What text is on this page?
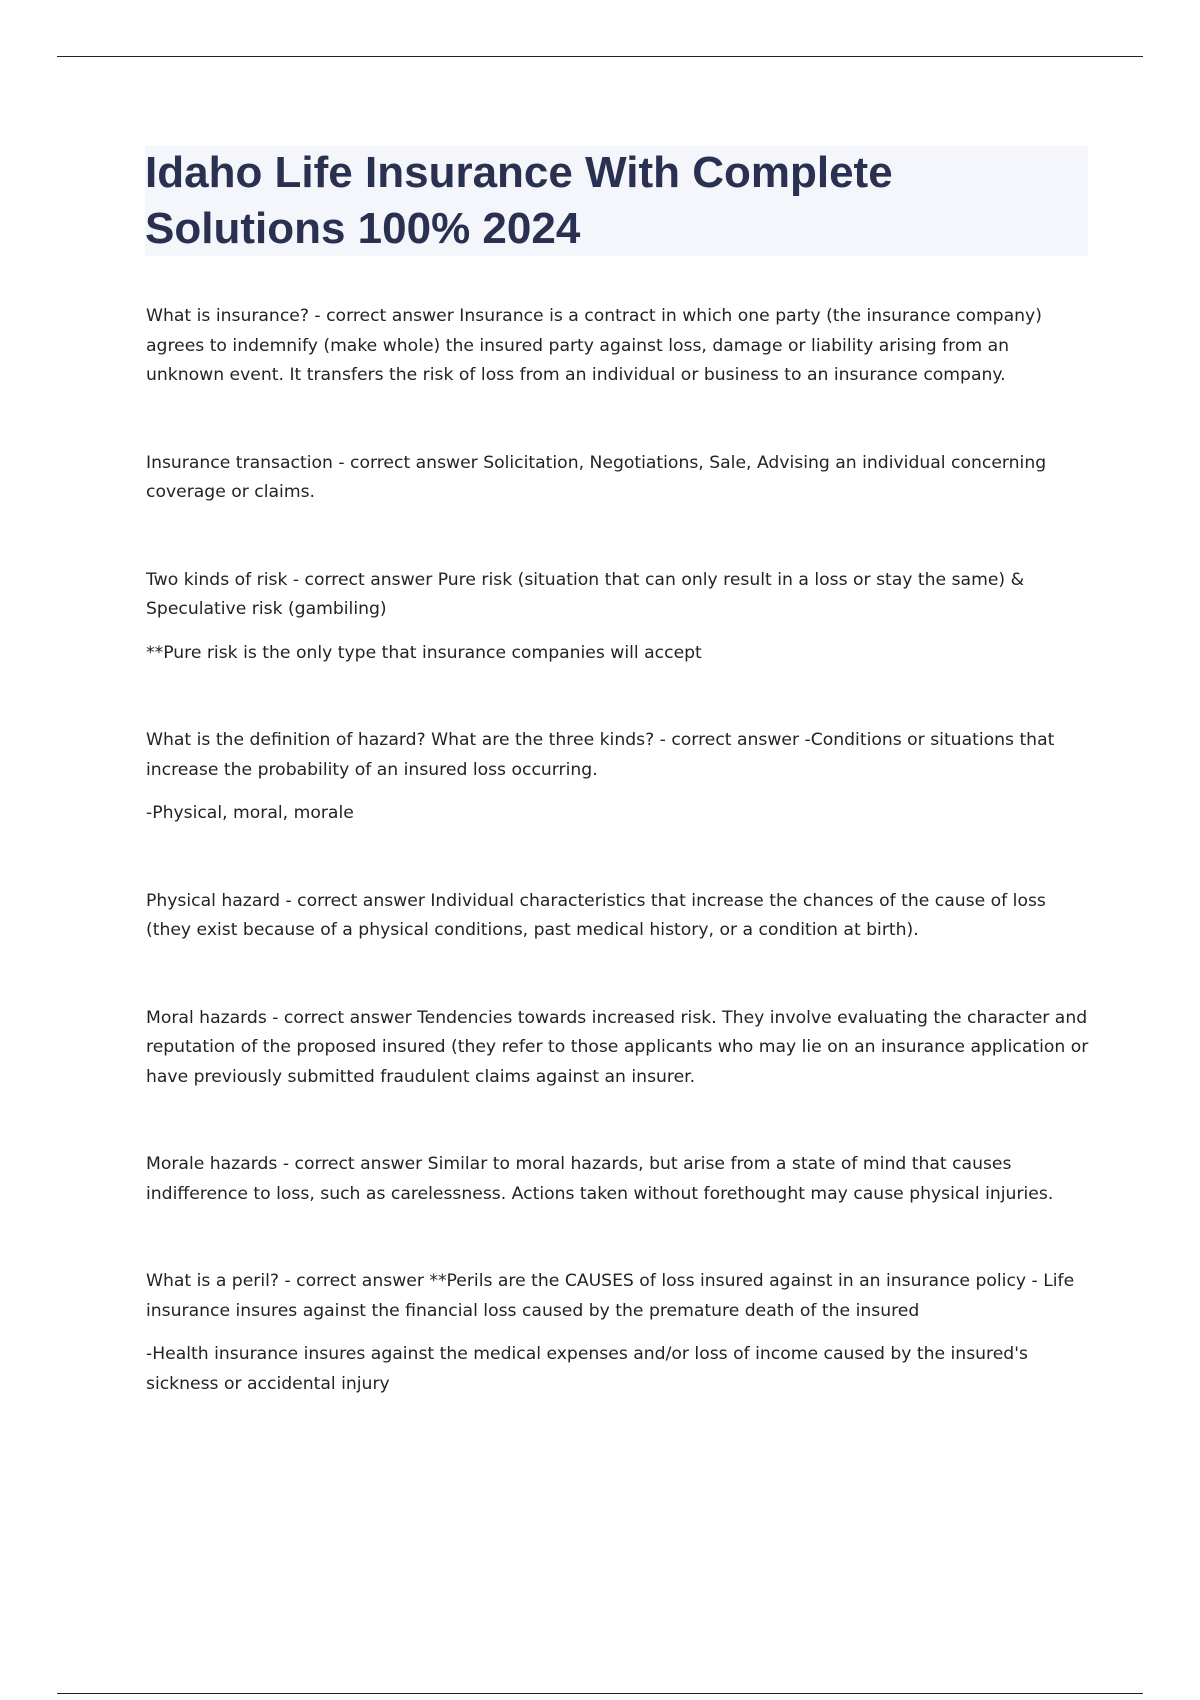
Idaho Life Insurance With Complete Solutions 100% 2024

What is insurance? - correct answer Insurance is a contract in which one party (the insurance company) agrees to indemnify (make whole) the insured party against loss, damage or liability arising from an unknown event. It transfers the risk of loss from an individual or business to an insurance company.

Insurance transaction - correct answer Solicitation, Negotiations, Sale, Advising an individual concerning coverage or claims.

Two kinds of risk - correct answer Pure risk (situation that can only result in a loss or stay the same) & Speculative risk (gambiling)

**Pure risk is the only type that insurance companies will accept

What is the definition of hazard? What are the three kinds? - correct answer -Conditions or situations that increase the probability of an insured loss occurring.

-Physical, moral, morale

Physical hazard - correct answer Individual characteristics that increase the chances of the cause of loss (they exist because of a physical conditions, past medical history, or a condition at birth).

Moral hazards - correct answer Tendencies towards increased risk. They involve evaluating the character and reputation of the proposed insured (they refer to those applicants who may lie on an insurance application or have previously submitted fraudulent claims against an insurer.

Morale hazards - correct answer Similar to moral hazards, but arise from a state of mind that causes indifference to loss, such as carelessness. Actions taken without forethought may cause physical injuries.

What is a peril? - correct answer **Perils are the CAUSES of loss insured against in an insurance policy - Life insurance insures against the financial loss caused by the premature death of the insured

-Health insurance insures against the medical expenses and/or loss of income caused by the insured's sickness or accidental injury
